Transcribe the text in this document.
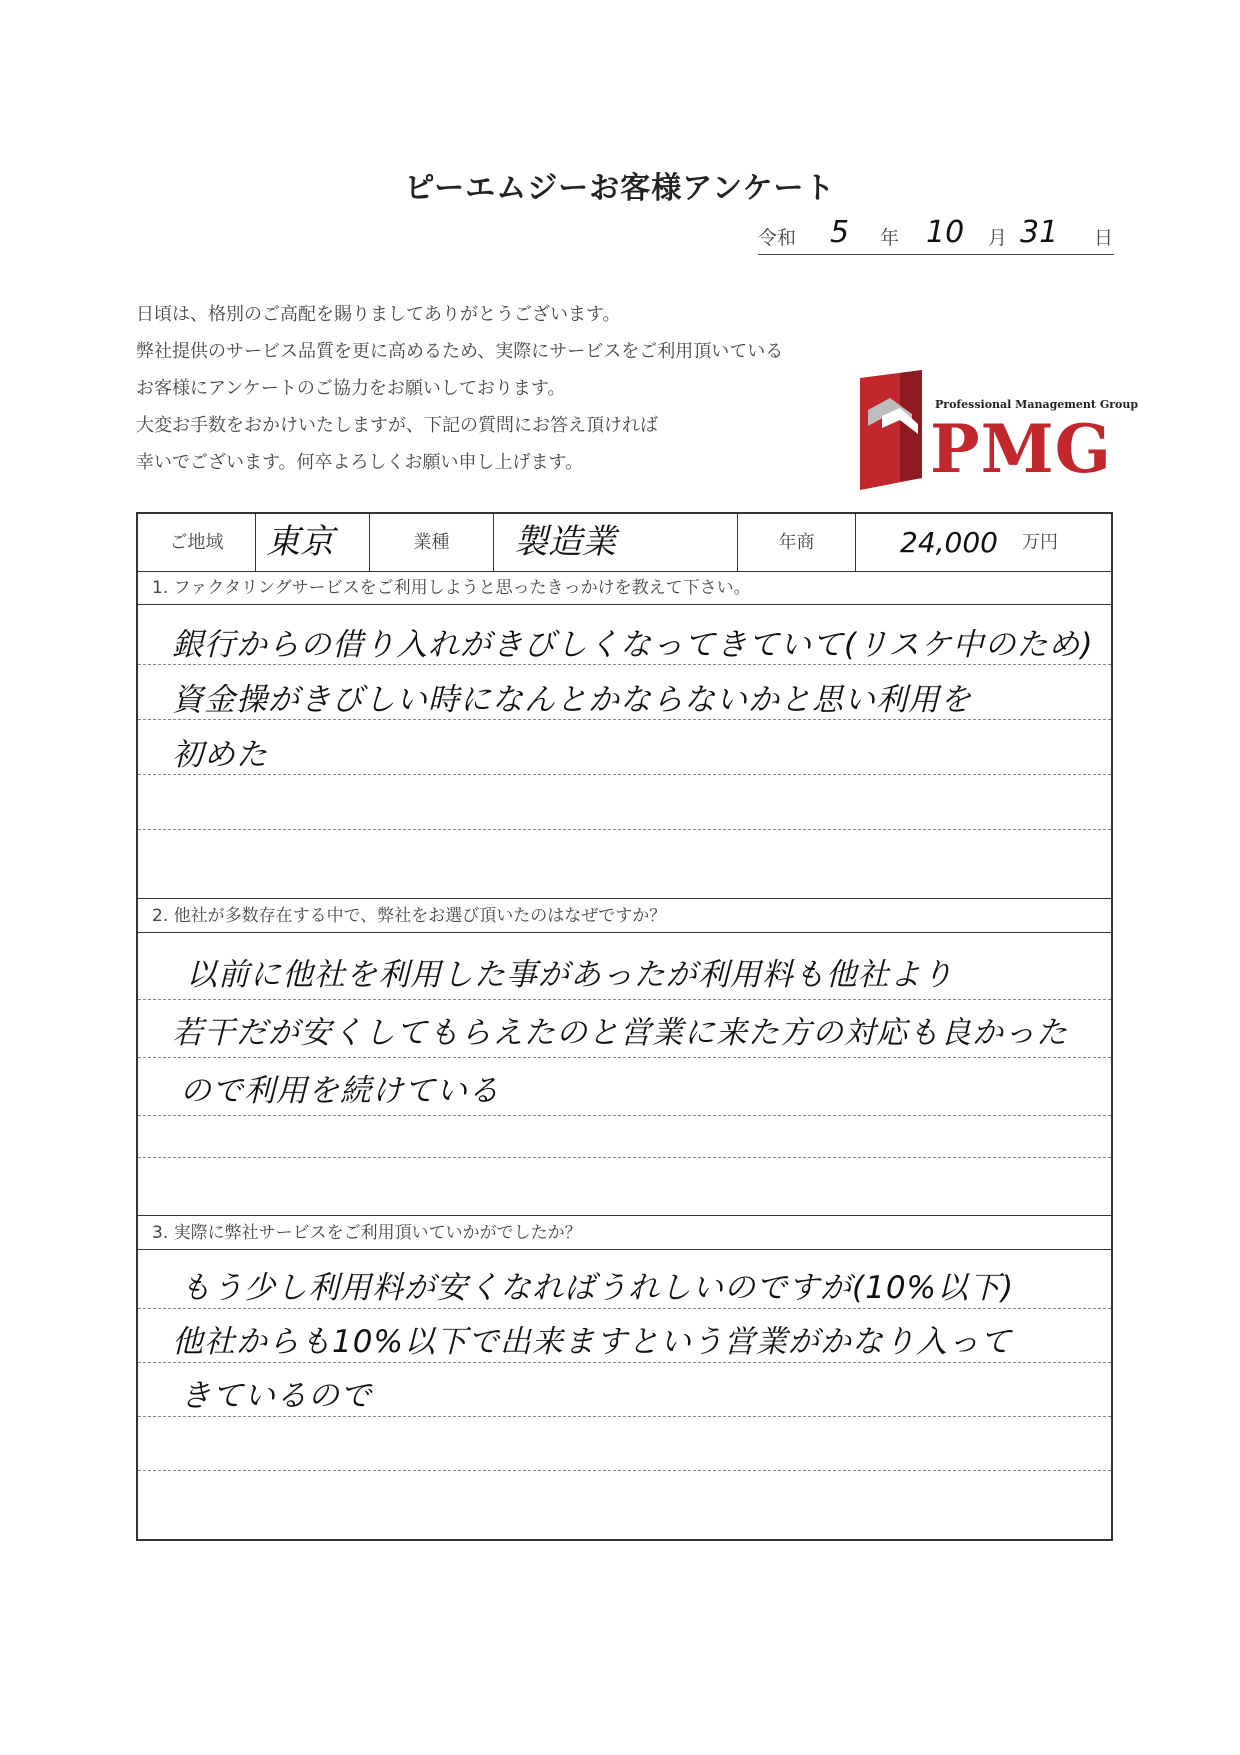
ピーエムジーお客様アンケート
令和 5 年 10 月 31 日
日頃は、格別のご高配を賜りましてありがとうございます。
弊社提供のサービス品質を更に高めるため、実際にサービスをご利用頂いている
お客様にアンケートのご協力をお願いしております。
大変お手数をおかけいたしますが、下記の質問にお答え頂ければ
幸いでございます。何卒よろしくお願い申し上げます。
Professional Management Group
PMG
ご地域	東京	業種	製造業	年商	24,000 万円
1. ファクタリングサービスをご利用しようと思ったきっかけを教えて下さい。
銀行からの借り入れがきびしくなってきていて(リスケ中のため)
資金操がきびしい時になんとかならないかと思い利用を
初めた
2. 他社が多数存在する中で、弊社をお選び頂いたのはなぜですか？
以前に他社を利用した事があったが利用料も他社より
若干だが安くしてもらえたのと営業に来た方の対応も良かった
ので利用を続けている
3. 実際に弊社サービスをご利用頂いていかがでしたか？
もう少し利用料が安くなればうれしいのですが(10%以下)
他社からも10%以下で出来ますという営業がかなり入って
きているので
